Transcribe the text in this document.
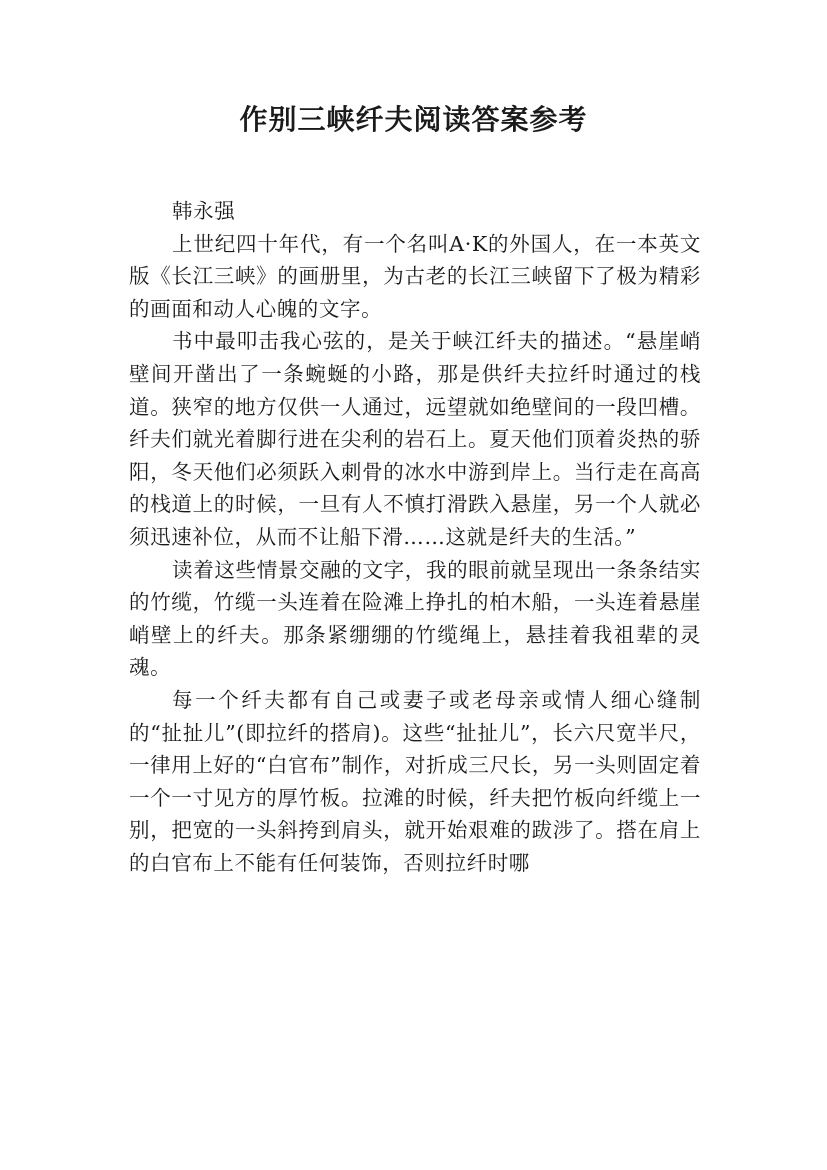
作别三峡纤夫阅读答案参考

韩永强

上世纪四十年代，有一个名叫A·K的外国人，在一本英文版《长江三峡》的画册里，为古老的长江三峡留下了极为精彩的画面和动人心魄的文字。

书中最叩击我心弦的，是关于峡江纤夫的描述。“悬崖峭壁间开凿出了一条蜿蜒的小路，那是供纤夫拉纤时通过的栈道。狭窄的地方仅供一人通过，远望就如绝壁间的一段凹槽。纤夫们就光着脚行进在尖利的岩石上。夏天他们顶着炎热的骄阳，冬天他们必须跃入刺骨的冰水中游到岸上。当行走在高高的栈道上的时候，一旦有人不慎打滑跌入悬崖，另一个人就必须迅速补位，从而不让船下滑……这就是纤夫的生活。”

读着这些情景交融的文字，我的眼前就呈现出一条条结实的竹缆，竹缆一头连着在险滩上挣扎的柏木船，一头连着悬崖峭壁上的纤夫。那条紧绷绷的竹缆绳上，悬挂着我祖辈的灵魂。

每一个纤夫都有自己或妻子或老母亲或情人细心缝制的“扯扯儿”(即拉纤的搭肩)。这些“扯扯儿”，长六尺宽半尺，一律用上好的“白官布”制作，对折成三尺长，另一头则固定着一个一寸见方的厚竹板。拉滩的时候，纤夫把竹板向纤缆上一别，把宽的一头斜挎到肩头，就开始艰难的跋涉了。搭在肩上的白官布上不能有任何装饰，否则拉纤时哪
